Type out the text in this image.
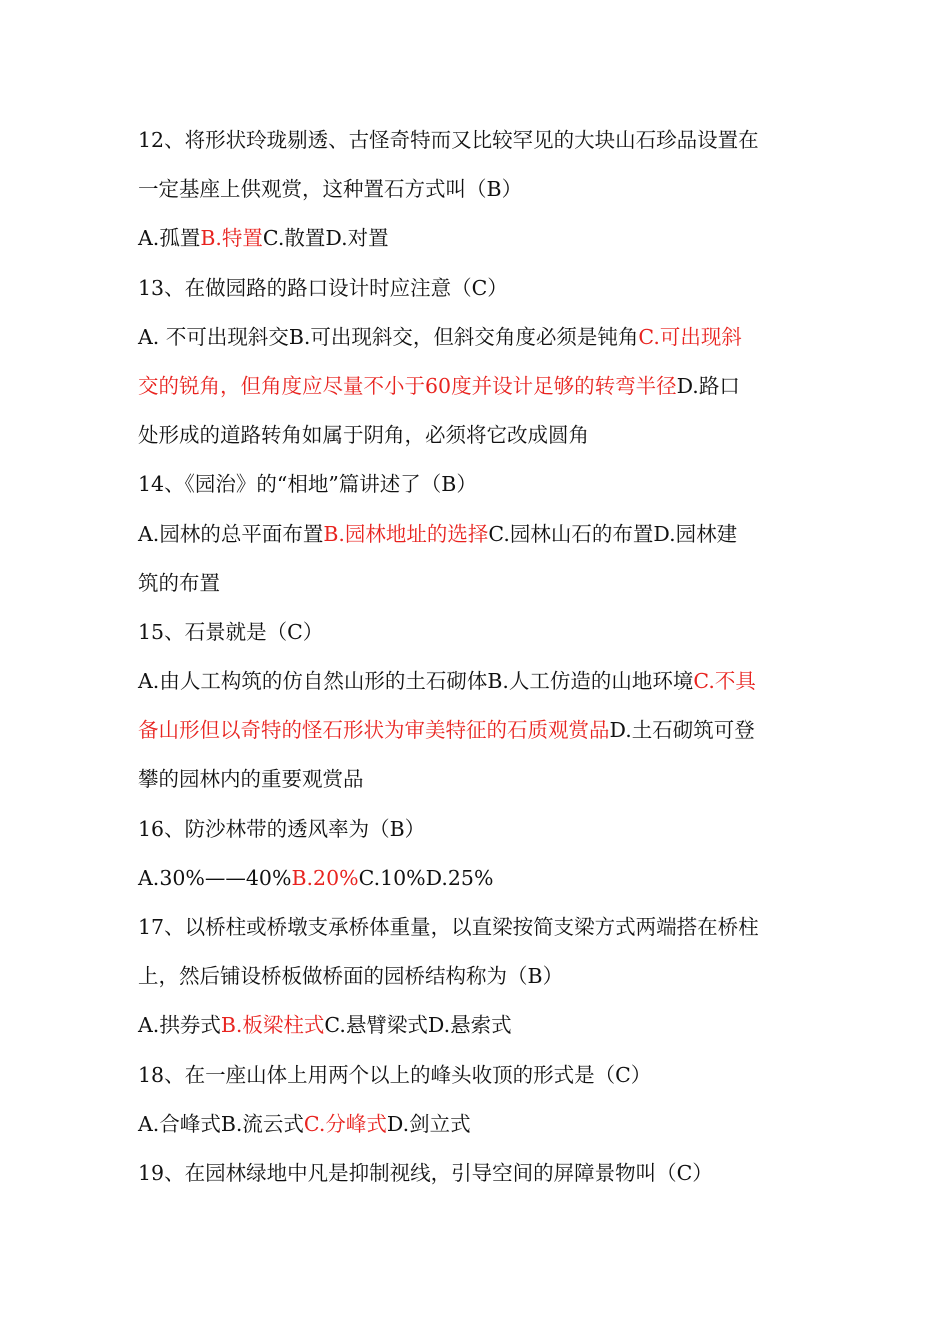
12、将形状玲珑剔透、古怪奇特而又比较罕见的大块山石珍品设置在
一定基座上供观赏，这种置石方式叫（B）
A.孤置B.特置C.散置D.对置
13、在做园路的路口设计时应注意（C）
A. 不可出现斜交B.可出现斜交，但斜交角度必须是钝角C.可出现斜
交的锐角，但角度应尽量不小于60度并设计足够的转弯半径D.路口
处形成的道路转角如属于阴角，必须将它改成圆角
14、《园治》的“相地”篇讲述了（B）
A.园林的总平面布置B.园林地址的选择C.园林山石的布置D.园林建
筑的布置
15、石景就是（C）
A.由人工构筑的仿自然山形的土石砌体B.人工仿造的山地环境C.不具
备山形但以奇特的怪石形状为审美特征的石质观赏品D.土石砌筑可登
攀的园林内的重要观赏品
16、防沙林带的透风率为（B）
A.30%——40%B.20%C.10%D.25%
17、以桥柱或桥墩支承桥体重量，以直梁按简支梁方式两端搭在桥柱
上，然后铺设桥板做桥面的园桥结构称为（B）
A.拱券式B.板梁柱式C.悬臂梁式D.悬索式
18、在一座山体上用两个以上的峰头收顶的形式是（C）
A.合峰式B.流云式C.分峰式D.剑立式
19、在园林绿地中凡是抑制视线，引导空间的屏障景物叫（C）
